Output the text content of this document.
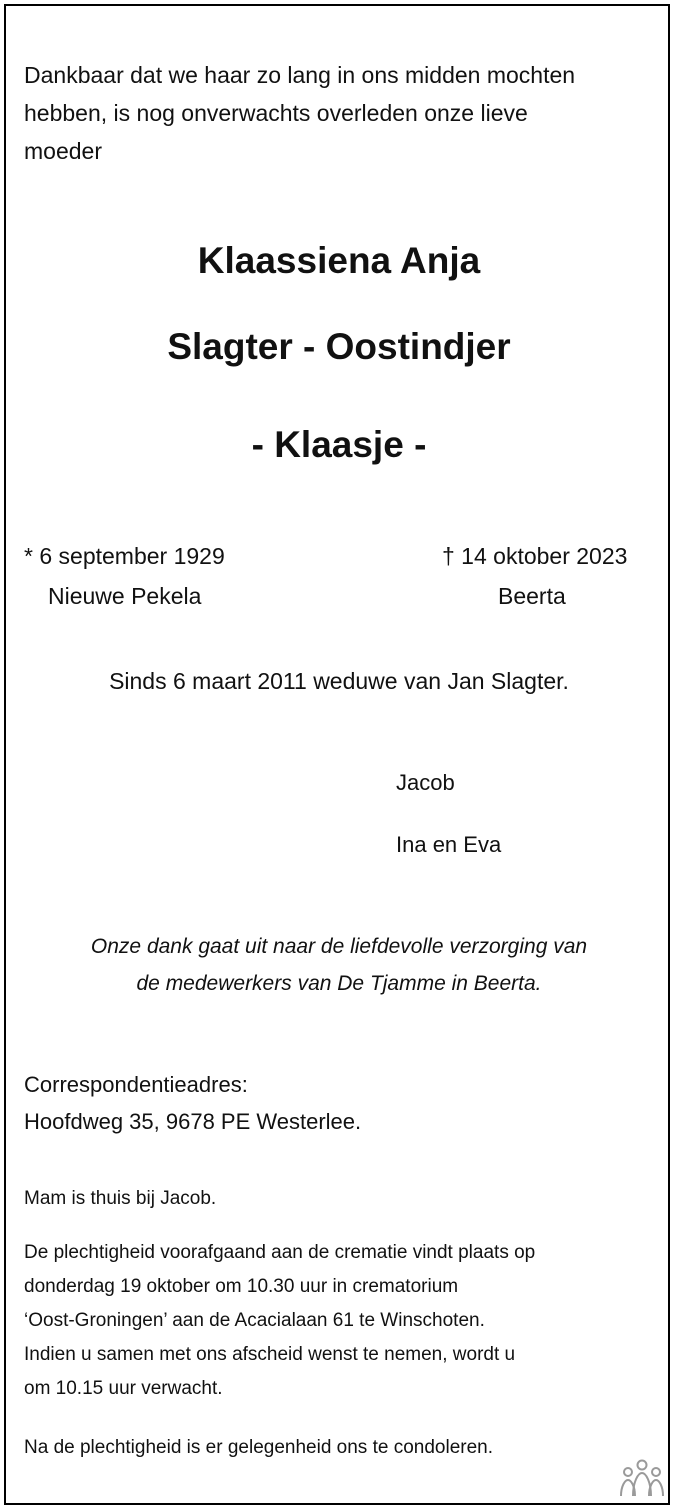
Dankbaar dat we haar zo lang in ons midden mochten
hebben, is nog onverwachts overleden onze lieve
moeder
Klaassiena Anja
Slagter - Oostindjer
- Klaasje -
* 6 september 1929
Nieuwe Pekela
† 14 oktober 2023
Beerta
Sinds 6 maart 2011 weduwe van Jan Slagter.
Jacob
Ina en Eva
Onze dank gaat uit naar de liefdevolle verzorging van
de medewerkers van De Tjamme in Beerta.
Correspondentieadres:
Hoofdweg 35, 9678 PE Westerlee.
Mam is thuis bij Jacob.
De plechtigheid voorafgaand aan de crematie vindt plaats op
donderdag 19 oktober om 10.30 uur in crematorium
‘Oost-Groningen’ aan de Acacialaan 61 te Winschoten.
Indien u samen met ons afscheid wenst te nemen, wordt u
om 10.15 uur verwacht.
Na de plechtigheid is er gelegenheid ons te condoleren.
